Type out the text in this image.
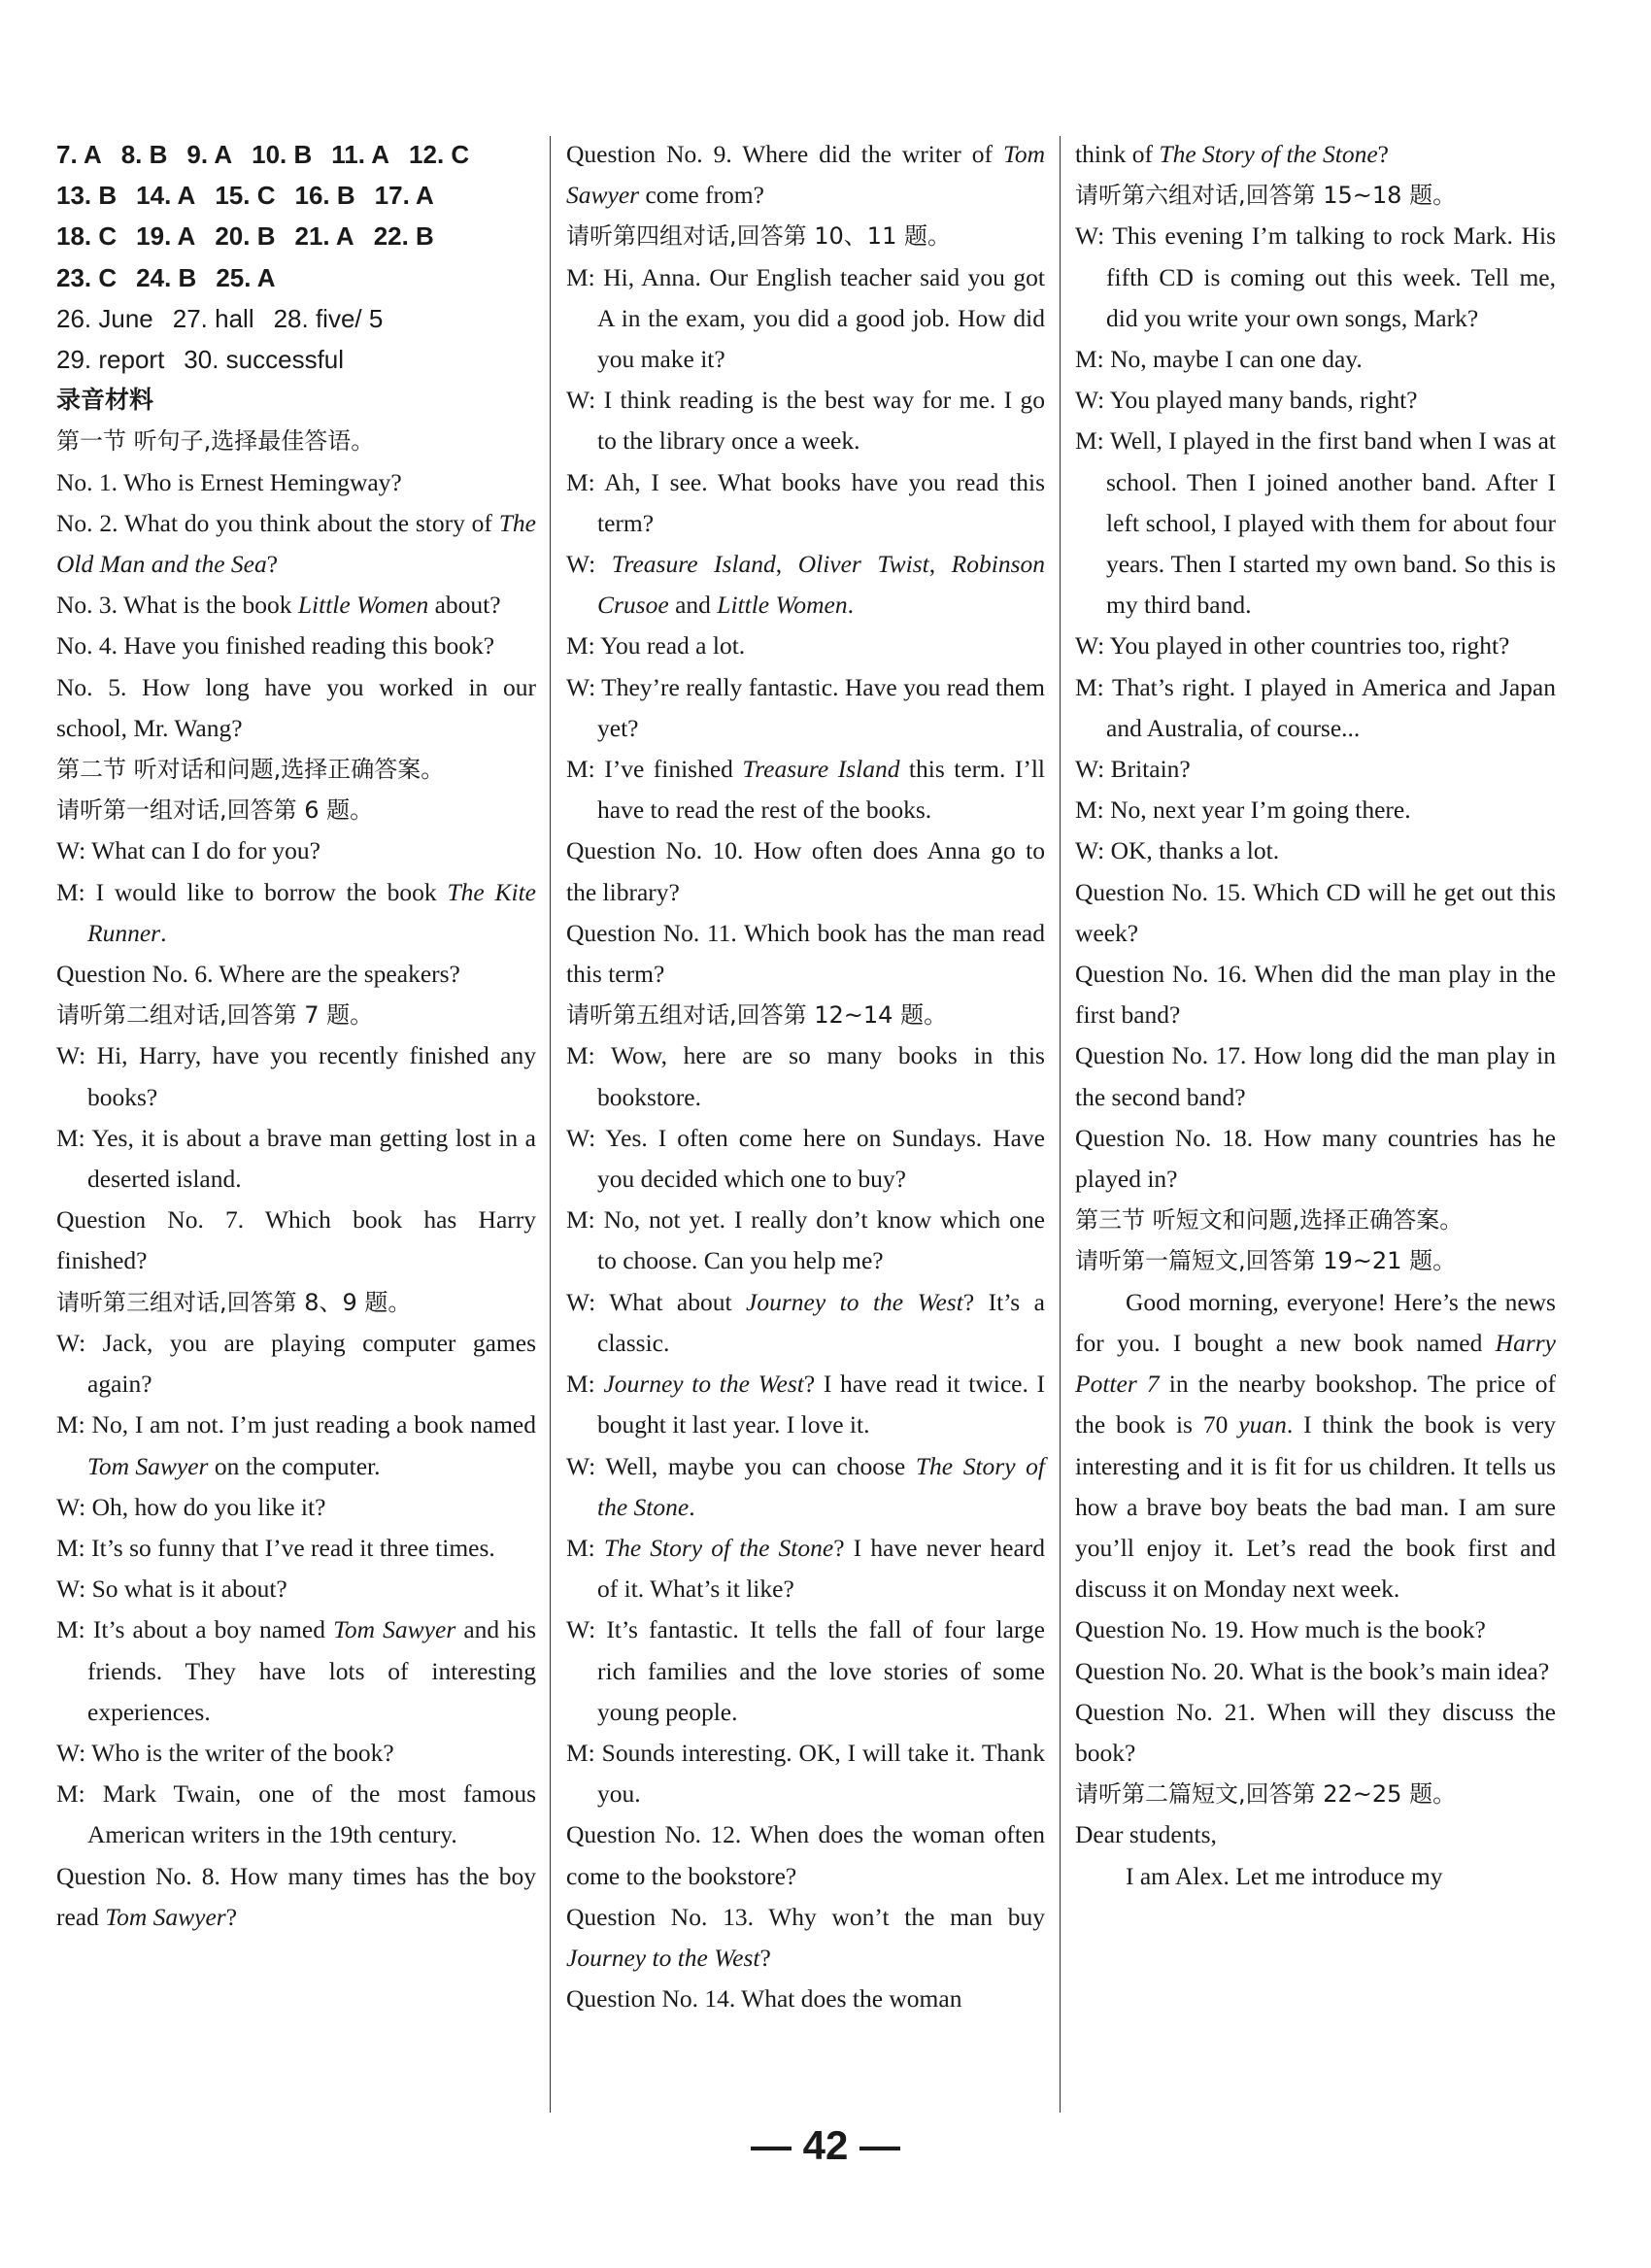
7. A 8. B 9. A 10. B 11. A 12. C

13. B 14. A 15. C 16. B 17. A

18. C 19. A 20. B 21. A 22. B

23. C 24. B 25. A

26. June 27. hall 28. five/ 5

29. report 30. successful

录音材料

第一节 听句子,选择最佳答语。

No. 1. Who is Ernest Hemingway?

No. 2. What do you think about the story of The Old Man and the Sea?

No. 3. What is the book Little Women about?

No. 4. Have you finished reading this book?

No. 5. How long have you worked in our school, Mr. Wang?

第二节 听对话和问题,选择正确答案。

请听第一组对话,回答第 6 题。

W: What can I do for you?

M: I would like to borrow the book The Kite Runner.

Question No. 6. Where are the speakers?

请听第二组对话,回答第 7 题。

W: Hi, Harry, have you recently finished any books?

M: Yes, it is about a brave man getting lost in a deserted island.

Question No. 7. Which book has Harry finished?

请听第三组对话,回答第 8、9 题。

W: Jack, you are playing computer games again?

M: No, I am not. I’m just reading a book named Tom Sawyer on the computer.

W: Oh, how do you like it?

M: It’s so funny that I’ve read it three times.

W: So what is it about?

M: It’s about a boy named Tom Sawyer and his friends. They have lots of interesting experiences.

W: Who is the writer of the book?

M: Mark Twain, one of the most famous American writers in the 19th century.

Question No. 8. How many times has the boy read Tom Sawyer?

Question No. 9. Where did the writer of Tom Sawyer come from?

请听第四组对话,回答第 10、11 题。

M: Hi, Anna. Our English teacher said you got A in the exam, you did a good job. How did you make it?

W: I think reading is the best way for me. I go to the library once a week.

M: Ah, I see. What books have you read this term?

W: Treasure Island, Oliver Twist, Robinson Crusoe and Little Women.

M: You read a lot.

W: They’re really fantastic. Have you read them yet?

M: I’ve finished Treasure Island this term. I’ll have to read the rest of the books.

Question No. 10. How often does Anna go to the library?

Question No. 11. Which book has the man read this term?

请听第五组对话,回答第 12~14 题。

M: Wow, here are so many books in this bookstore.

W: Yes. I often come here on Sundays. Have you decided which one to buy?

M: No, not yet. I really don’t know which one to choose. Can you help me?

W: What about Journey to the West? It’s a classic.

M: Journey to the West? I have read it twice. I bought it last year. I love it.

W: Well, maybe you can choose The Story of the Stone.

M: The Story of the Stone? I have never heard of it. What’s it like?

W: It’s fantastic. It tells the fall of four large rich families and the love stories of some young people.

M: Sounds interesting. OK, I will take it. Thank you.

Question No. 12. When does the woman often come to the bookstore?

Question No. 13. Why won’t the man buy Journey to the West?

Question No. 14. What does the woman

think of The Story of the Stone?

请听第六组对话,回答第 15~18 题。

W: This evening I’m talking to rock Mark. His fifth CD is coming out this week. Tell me, did you write your own songs, Mark?

M: No, maybe I can one day.

W: You played many bands, right?

M: Well, I played in the first band when I was at school. Then I joined another band. After I left school, I played with them for about four years. Then I started my own band. So this is my third band.

W: You played in other countries too, right?

M: That’s right. I played in America and Japan and Australia, of course...

W: Britain?

M: No, next year I’m going there.

W: OK, thanks a lot.

Question No. 15. Which CD will he get out this week?

Question No. 16. When did the man play in the first band?

Question No. 17. How long did the man play in the second band?

Question No. 18. How many countries has he played in?

第三节 听短文和问题,选择正确答案。

请听第一篇短文,回答第 19~21 题。

Good morning, everyone! Here’s the news for you. I bought a new book named Harry Potter 7 in the nearby bookshop. The price of the book is 70 yuan. I think the book is very interesting and it is fit for us children. It tells us how a brave boy beats the bad man. I am sure you’ll enjoy it. Let’s read the book first and discuss it on Monday next week.

Question No. 19. How much is the book?

Question No. 20. What is the book’s main idea?

Question No. 21. When will they discuss the book?

请听第二篇短文,回答第 22~25 题。

Dear students,

I am Alex. Let me introduce my

— 42 —
